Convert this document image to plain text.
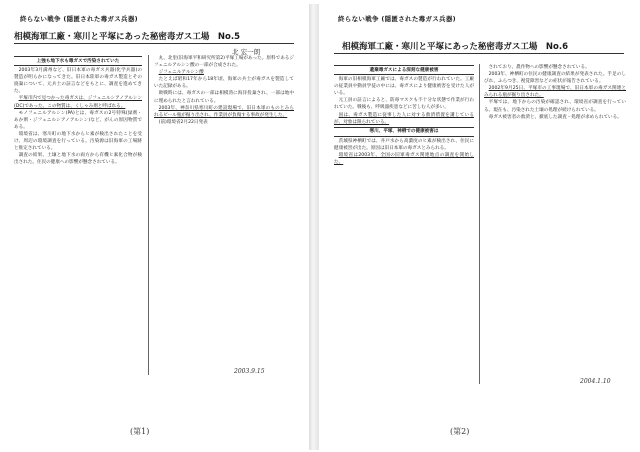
終らない戦争 (隠匿された毒ガス兵器)
相模海軍工廠・寒川と平塚にあった秘密毒ガス工場　No.5
北 宏一朗
上強も地下水も毒ガスで汚染されていた

2003年3月満州など、旧日本軍の毒ガス兵器(化学兵器)の製造が明らかになってきた。旧日本陸軍の毒ガス製造とその廃棄について、元兵士の証言などをもとに、調査を進めてきた。

平塚市内で見つかった毒ガスは、ジフェニルシアノアルシン(DC)であった。この物質は、くしゃみ剤と呼ばれる。

モノフェニルアルシン(PA)とは、毒ガスの2号特殊(緑剤・あか剤・ジフェニルシアノアルシン)など、がんの原因物質である。

環境省は、寒川町の地下水からヒ素が検出されたことを受け、周辺の環境調査を行っている。汚染源は旧海軍の工場跡と推定されている。

調査の結果、土壌と地下水の両方から有機ヒ素化合物が検出された。住民の健康への影響が懸念されている。

丸、北里(旧海軍平和研究所第2)平塚工場があった。原料であるジフェニルアルシン酸の一部が合成された。

ジフェニルアルシン酸

たとえば昭和17年から18年頃、海軍の兵士が毒ガスを製造していた記録がある。

敗戦時には、毒ガスの一部は相模湾に海洋投棄され、一部は地中に埋められたと言われている。

2003年、神奈川県寒川町の建設現場で、旧日本軍のものとみられるビール瓶が掘り出され、作業員が負傷する事故が発生した。

(前)環境省2月22日発表

2003.9.15
(第1)
終らない戦争 (隠匿された毒ガス兵器)
相模海軍工廠・寒川と平塚にあった秘密毒ガス工場　No.6
遺棄毒ガスによる深刻な健康被害

海軍の旧相模海軍工廠では、毒ガスの製造が行われていた。工廠の従業員や動員学徒の中には、毒ガスにより健康被害を受けた人がいる。

元工員の証言によると、防毒マスクも不十分な状態で作業が行われていた。戦後も、呼吸器疾患などに苦しむ人が多い。

国は、毒ガス製造に従事した人に対する救済措置を講じているが、対象は限られている。

寒川、平塚、神栖での健康被害は

茨城県神栖町では、井戸水から高濃度のヒ素が検出され、住民に健康被害が出た。原因は旧日本軍の毒ガスとみられる。

環境省は2003年、全国の旧軍毒ガス関連地点の調査を開始した。

されており、農作物への影響が懸念されている。

2003年、神栖町の住民の健康調査の結果が発表された。手足のしびれ、ふらつき、視覚障害などの症状が報告されている。

2002年9月25日、平塚市の工事現場で、旧日本軍の毒ガス関連とみられる瓶が掘り出された。

平塚では、地下からの汚染が確認され、環境省が調査を行っている。現在も、汚染された土壌の処理が続けられている。

毒ガス被害者の救済と、徹底した調査・処理が求められている。

2004.1.10
(第2)
